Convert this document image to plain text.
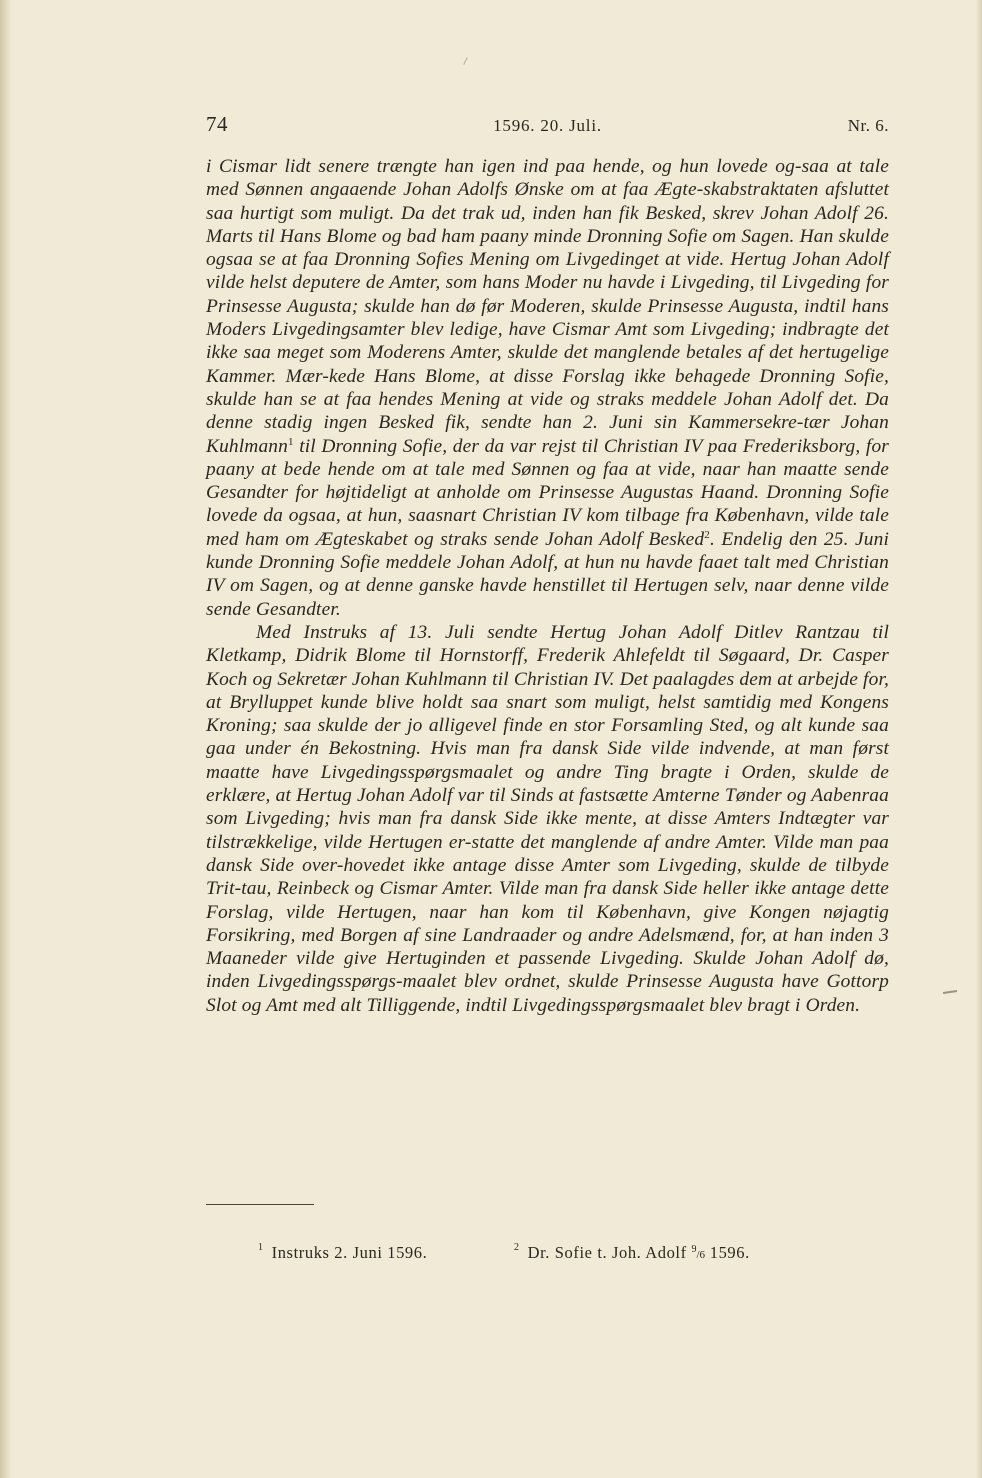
74	1596. 20. Juli.	Nr. 6.

i Cismar lidt senere trængte han igen ind paa hende, og hun lovede og-saa at tale med Sønnen angaaende Johan Adolfs Ønske om at faa Ægte-skabstraktaten afsluttet saa hurtigt som muligt. Da det trak ud, inden han fik Besked, skrev Johan Adolf 26. Marts til Hans Blome og bad ham paany minde Dronning Sofie om Sagen. Han skulde ogsaa se at faa Dronning Sofies Mening om Livgedinget at vide. Hertug Johan Adolf vilde helst deputere de Amter, som hans Moder nu havde i Livgeding, til Livgeding for Prinsesse Augusta; skulde han dø før Moderen, skulde Prinsesse Augusta, indtil hans Moders Livgedingsamter blev ledige, have Cismar Amt som Livgeding; indbragte det ikke saa meget som Moderens Amter, skulde det manglende betales af det hertugelige Kammer. Mær-kede Hans Blome, at disse Forslag ikke behagede Dronning Sofie, skulde han se at faa hendes Mening at vide og straks meddele Johan Adolf det. Da denne stadig ingen Besked fik, sendte han 2. Juni sin Kammersekre-tær Johan Kuhlmann$^1$ til Dronning Sofie, der da var rejst til Christian IV paa Frederiksborg, for paany at bede hende om at tale med Sønnen og faa at vide, naar han maatte sende Gesandter for højtideligt at anholde om Prinsesse Augustas Haand. Dronning Sofie lovede da ogsaa, at hun, saasnart Christian IV kom tilbage fra København, vilde tale med ham om Ægteskabet og straks sende Johan Adolf Besked$^2$. Endelig den 25. Juni kunde Dronning Sofie meddele Johan Adolf, at hun nu havde faaet talt med Christian IV om Sagen, og at denne ganske havde henstillet til Hertugen selv, naar denne vilde sende Gesandter.

Med Instruks af 13. Juli sendte Hertug Johan Adolf Ditlev Rantzau til Kletkamp, Didrik Blome til Hornstorff, Frederik Ahlefeldt til Søgaard, Dr. Casper Koch og Sekretær Johan Kuhlmann til Christian IV. Det paalagdes dem at arbejde for, at Brylluppet kunde blive holdt saa snart som muligt, helst samtidig med Kongens Kroning; saa skulde der jo alligevel finde en stor Forsamling Sted, og alt kunde saa gaa under én Bekostning. Hvis man fra dansk Side vilde indvende, at man først maatte have Livgedingsspørgsmaalet og andre Ting bragte i Orden, skulde de erklære, at Hertug Johan Adolf var til Sinds at fastsætte Amterne Tønder og Aabenraa som Livgeding; hvis man fra dansk Side ikke mente, at disse Amters Indtægter var tilstrækkelige, vilde Hertugen er-statte det manglende af andre Amter. Vilde man paa dansk Side over-hovedet ikke antage disse Amter som Livgeding, skulde de tilbyde Trit-tau, Reinbeck og Cismar Amter. Vilde man fra dansk Side heller ikke antage dette Forslag, vilde Hertugen, naar han kom til København, give Kongen nøjagtig Forsikring, med Borgen af sine Landraader og andre Adelsmænd, for, at han inden 3 Maaneder vilde give Hertuginden et passende Livgeding. Skulde Johan Adolf dø, inden Livgedingsspørgs-maalet blev ordnet, skulde Prinsesse Augusta have Gottorp Slot og Amt med alt Tilliggende, indtil Livgedingsspørgsmaalet blev bragt i Orden.

$^1$ Instruks 2. Juni 1596.	$^2$ Dr. Sofie t. Joh. Adolf $^9$/6 1596.
